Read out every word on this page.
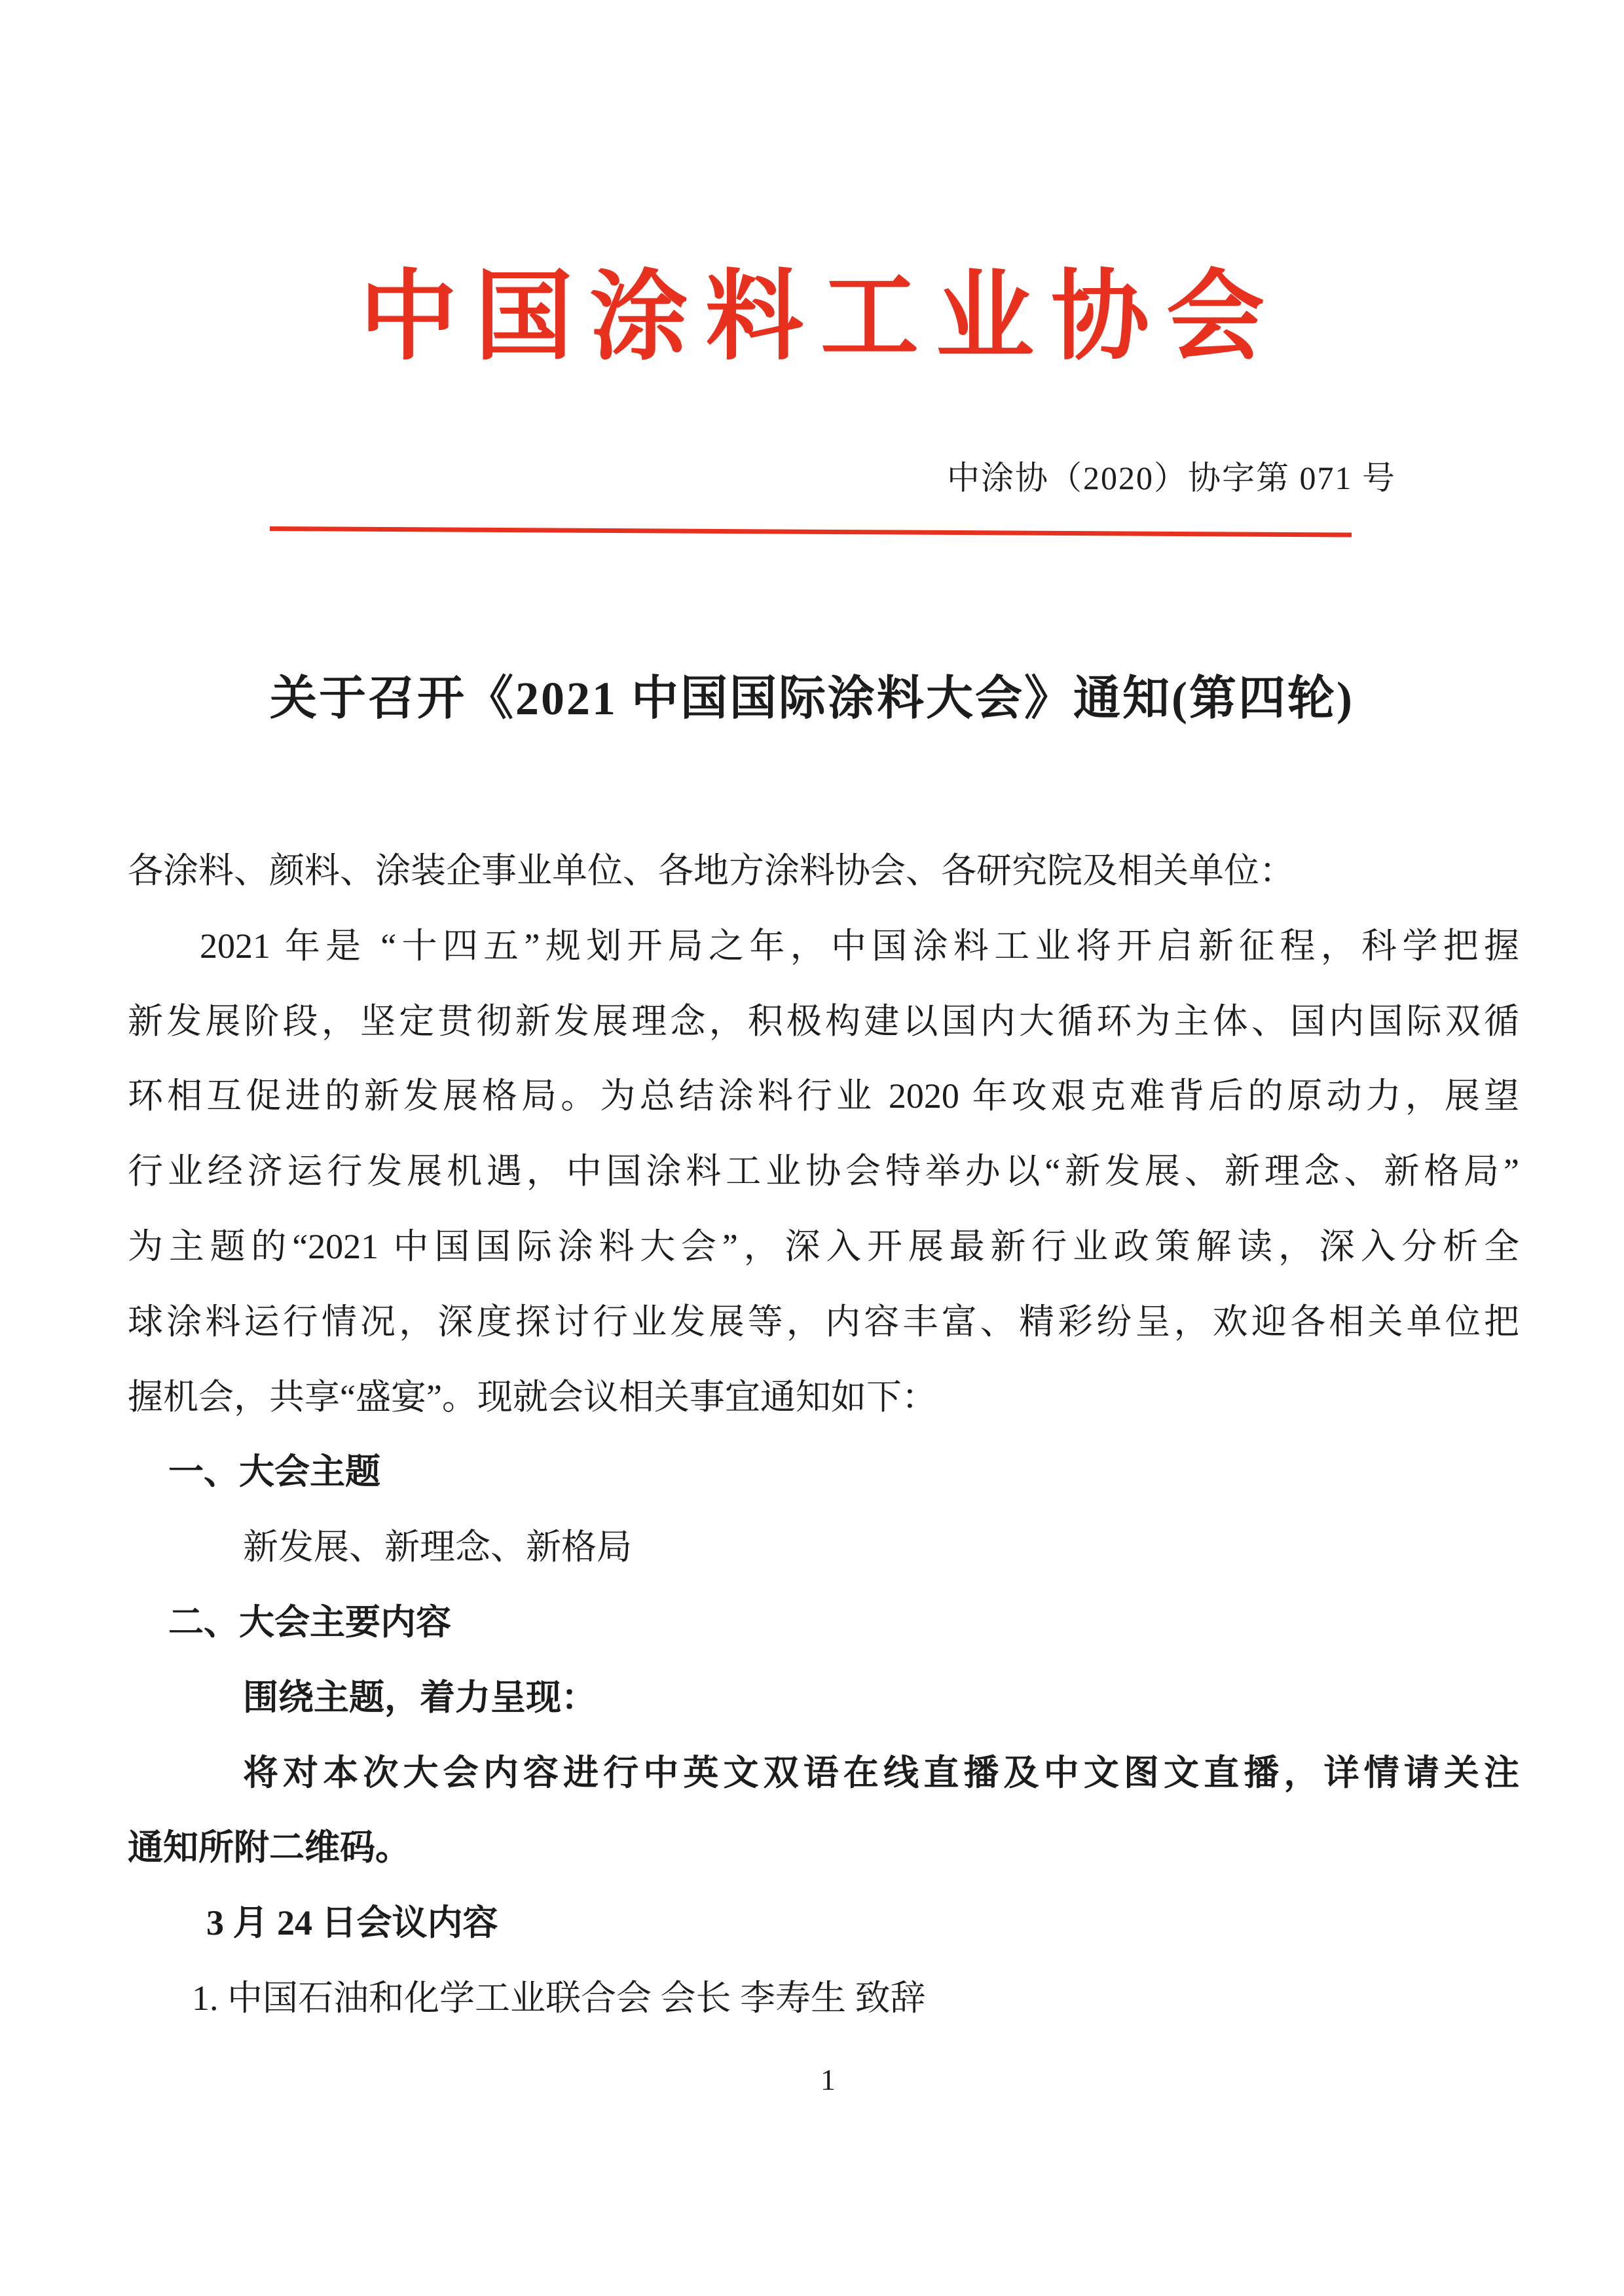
中国涂料工业协会
中涂协（2020）协字第 071 号
关于召开《2021 中国国际涂料大会》通知(第四轮)
各涂料、颜料、涂装企事业单位、各地方涂料协会、各研究院及相关单位：
2021 年是 “十四五”规划开局之年，中国涂料工业将开启新征程，科学把握
新发展阶段，坚定贯彻新发展理念，积极构建以国内大循环为主体、国内国际双循
环相互促进的新发展格局。为总结涂料行业 2020 年攻艰克难背后的原动力，展望
行业经济运行发展机遇，中国涂料工业协会特举办以“新发展、新理念、新格局”
为主题的“2021 中国国际涂料大会”，深入开展最新行业政策解读，深入分析全
球涂料运行情况，深度探讨行业发展等，内容丰富、精彩纷呈，欢迎各相关单位把
握机会，共享“盛宴”。现就会议相关事宜通知如下：
一、大会主题
新发展、新理念、新格局
二、大会主要内容
围绕主题，着力呈现：
将对本次大会内容进行中英文双语在线直播及中文图文直播，详情请关注
通知所附二维码。
3 月 24 日会议内容
1. 中国石油和化学工业联合会 会长 李寿生 致辞
1
